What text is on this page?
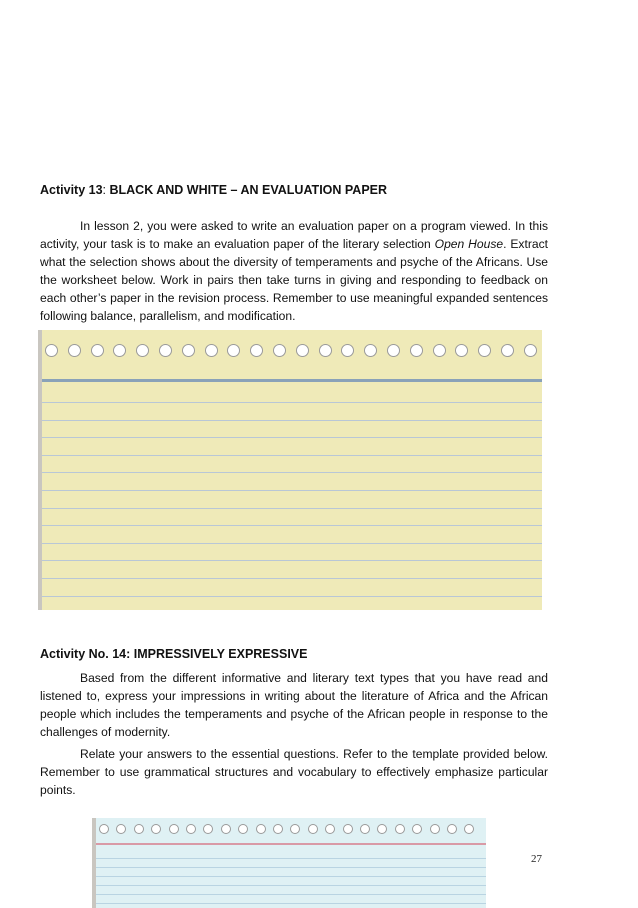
Activity 13: BLACK AND WHITE – AN EVALUATION PAPER

In lesson 2, you were asked to write an evaluation paper on a program viewed. In this activity, your task is to make an evaluation paper of the literary selection Open House. Extract what the selection shows about the diversity of temperaments and psyche of the Africans. Use the worksheet below. Work in pairs then take turns in giving and responding to feedback on each other’s paper in the revision process. Remember to use meaningful expanded sentences following balance, parallelism, and modification.

Activity No. 14: IMPRESSIVELY EXPRESSIVE

Based from the different informative and literary text types that you have read and listened to, express your impressions in writing about the literature of Africa and the African people which includes the temperaments and psyche of the African people in response to the challenges of modernity.

Relate your answers to the essential questions. Refer to the template provided below. Remember to use grammatical structures and vocabulary to effectively emphasize particular points.

27
